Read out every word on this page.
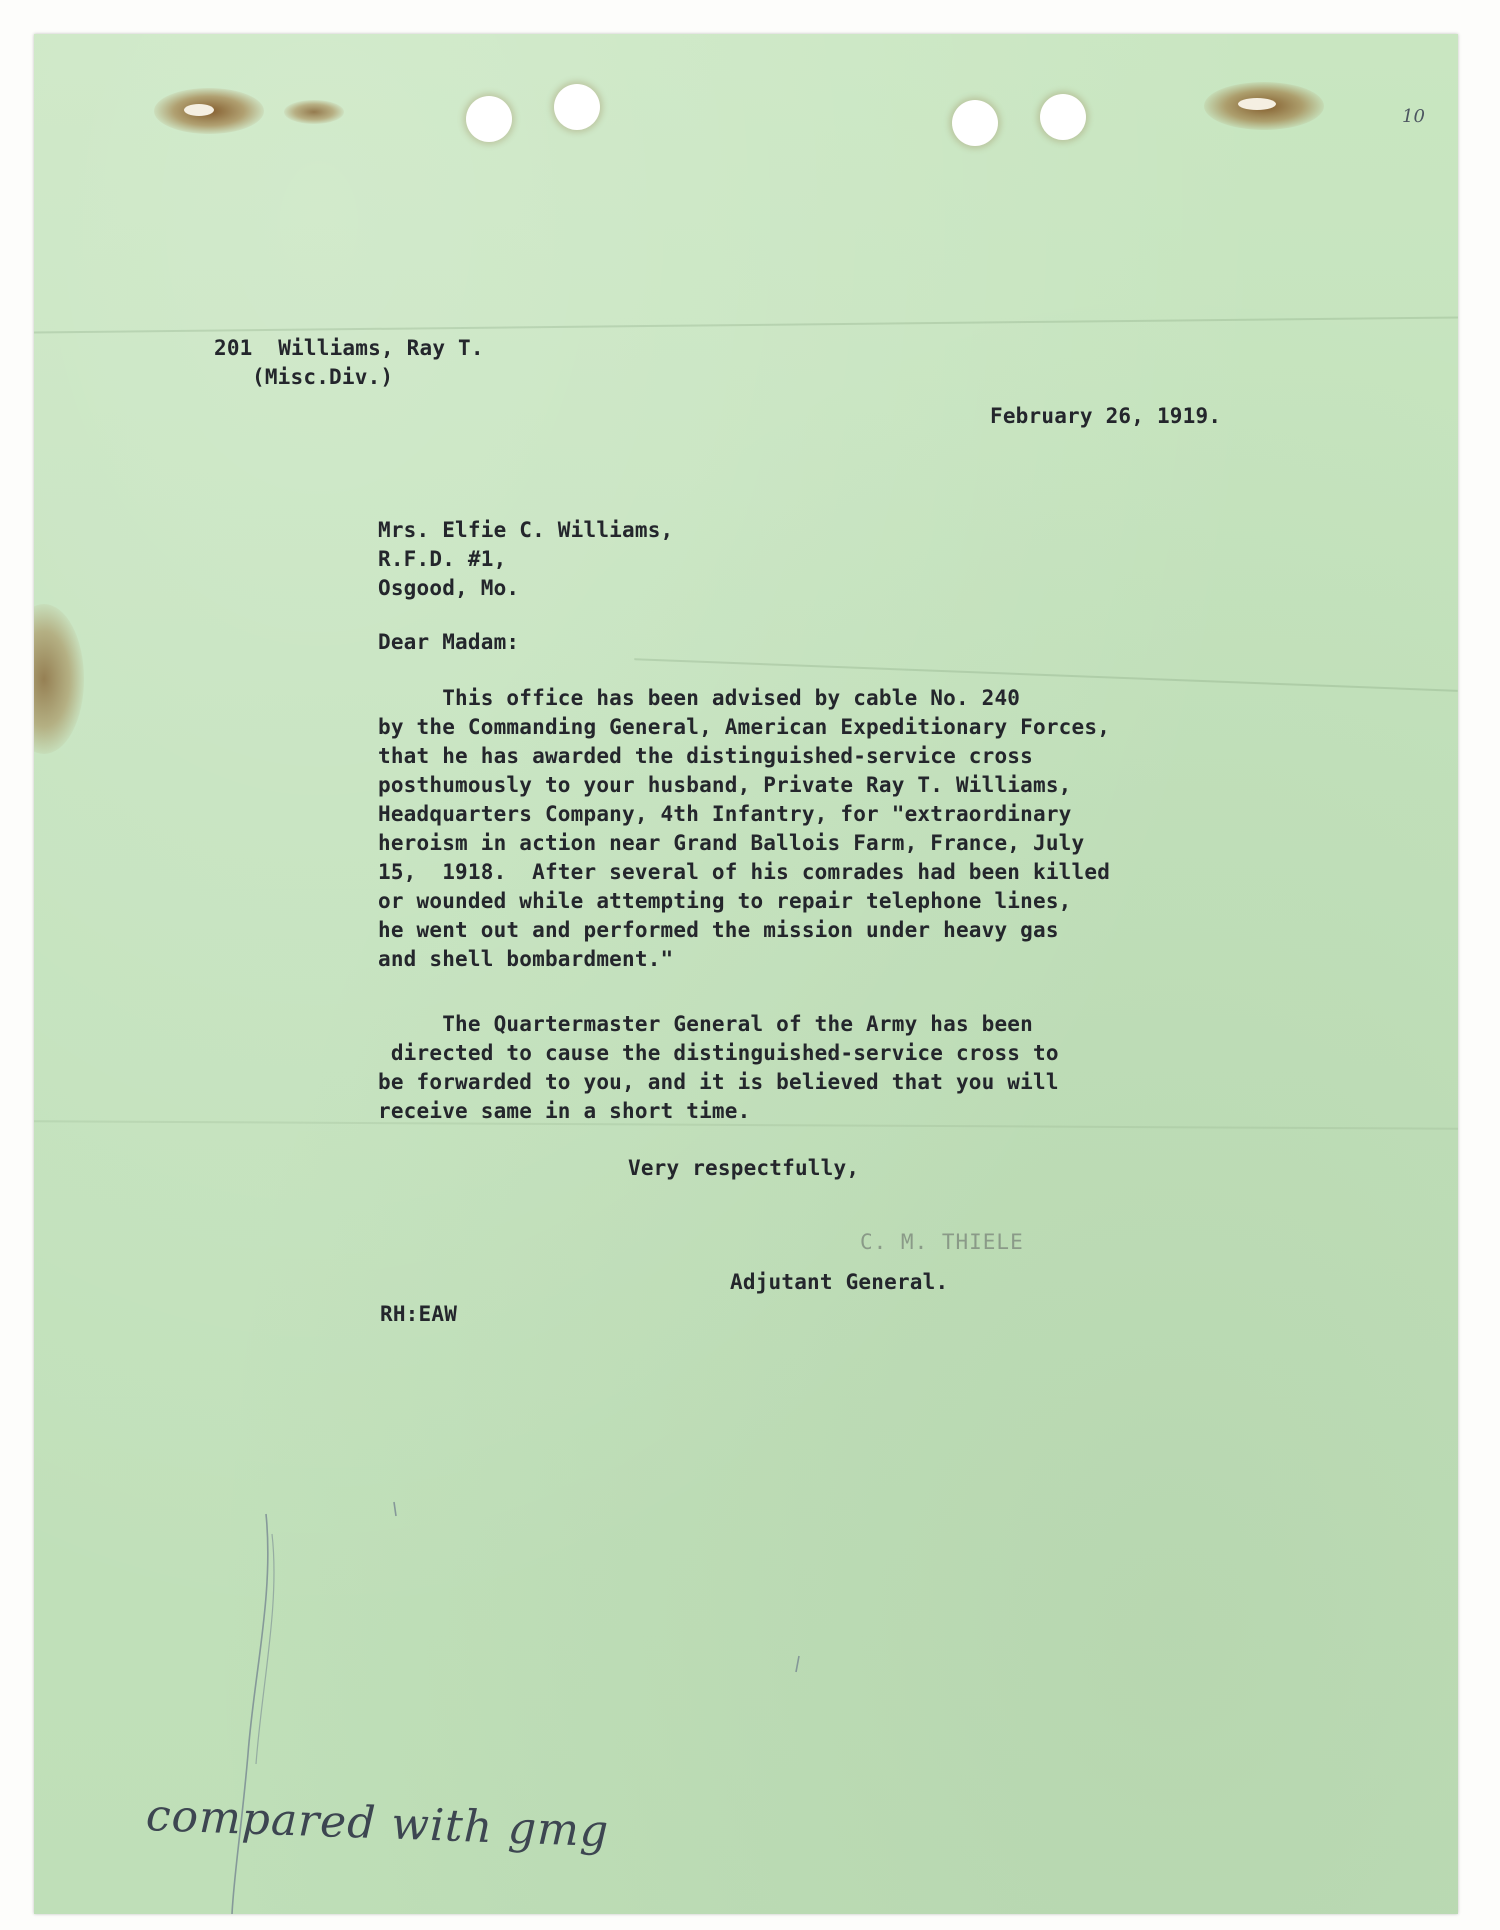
10
201  Williams, Ray T.
(Misc.Div.)
February 26, 1919.
Mrs. Elfie C. Williams,
R.F.D. #1,
Osgood, Mo.
Dear Madam:
This office has been advised by cable No. 240
by the Commanding General, American Expeditionary Forces,
that he has awarded the distinguished-service cross
posthumously to your husband, Private Ray T. Williams,
Headquarters Company, 4th Infantry, for "extraordinary
heroism in action near Grand Ballois Farm, France, July
15,  1918.  After several of his comrades had been killed
or wounded while attempting to repair telephone lines,
he went out and performed the mission under heavy gas
and shell bombardment."
The Quartermaster General of the Army has been
directed to cause the distinguished-service cross to
be forwarded to you, and it is believed that you will
receive same in a short time.
Very respectfully,
C. M. THIELE
Adjutant General.
RH:EAW
compared with gmg
